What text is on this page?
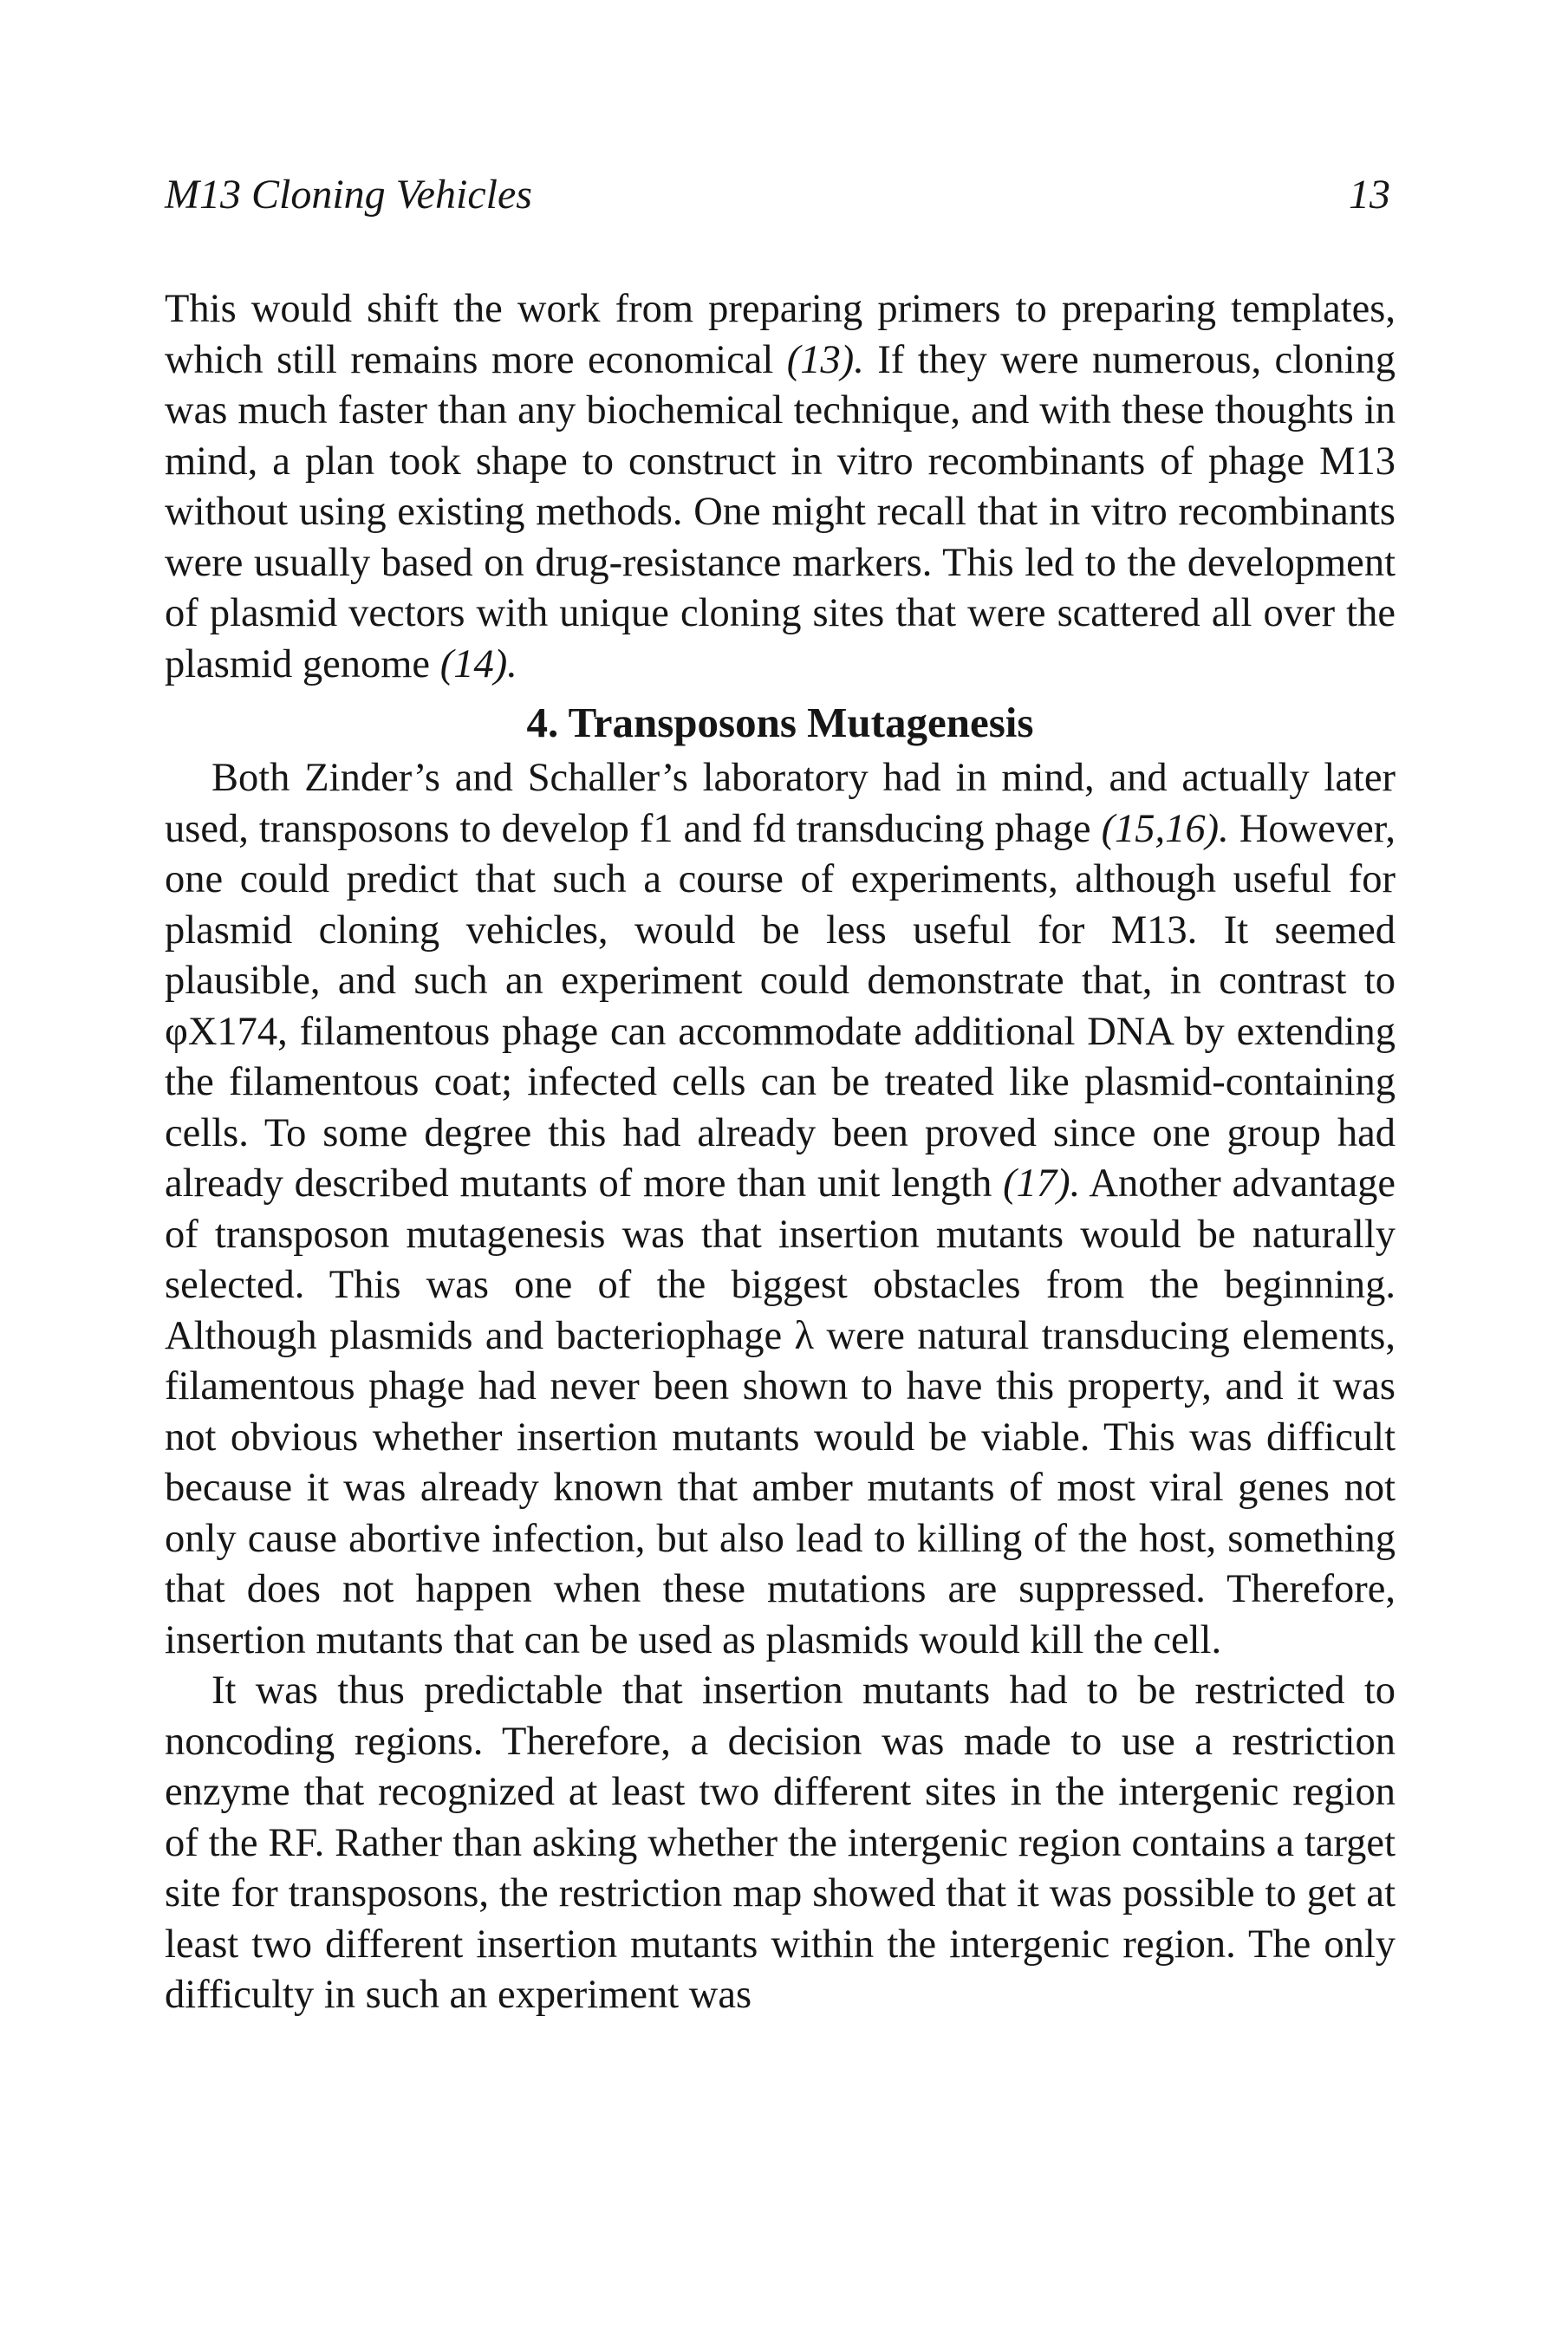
M13 Cloning Vehicles	13

This would shift the work from preparing primers to preparing templates, which still remains more economical (13). If they were numerous, cloning was much faster than any biochemical technique, and with these thoughts in mind, a plan took shape to construct in vitro recombinants of phage M13 without using existing methods. One might recall that in vitro recombinants were usually based on drug-resistance markers. This led to the development of plasmid vectors with unique cloning sites that were scattered all over the plasmid genome (14).

4. Transposons Mutagenesis

Both Zinder’s and Schaller’s laboratory had in mind, and actually later used, transposons to develop f1 and fd transducing phage (15,16). However, one could predict that such a course of experiments, although useful for plasmid cloning vehicles, would be less useful for M13. It seemed plausible, and such an experiment could demonstrate that, in contrast to φX174, filamentous phage can accommodate additional DNA by extending the filamentous coat; infected cells can be treated like plasmid-containing cells. To some degree this had already been proved since one group had already described mutants of more than unit length (17). Another advantage of transposon mutagenesis was that insertion mutants would be naturally selected. This was one of the biggest obstacles from the beginning. Although plasmids and bacteriophage λ were natural transducing elements, filamentous phage had never been shown to have this property, and it was not obvious whether insertion mutants would be viable. This was difficult because it was already known that amber mutants of most viral genes not only cause abortive infection, but also lead to killing of the host, something that does not happen when these mutations are suppressed. Therefore, insertion mutants that can be used as plasmids would kill the cell.

It was thus predictable that insertion mutants had to be restricted to noncoding regions. Therefore, a decision was made to use a restriction enzyme that recognized at least two different sites in the intergenic region of the RF. Rather than asking whether the intergenic region contains a target site for transposons, the restriction map showed that it was possible to get at least two different insertion mutants within the intergenic region. The only difficulty in such an experiment was
